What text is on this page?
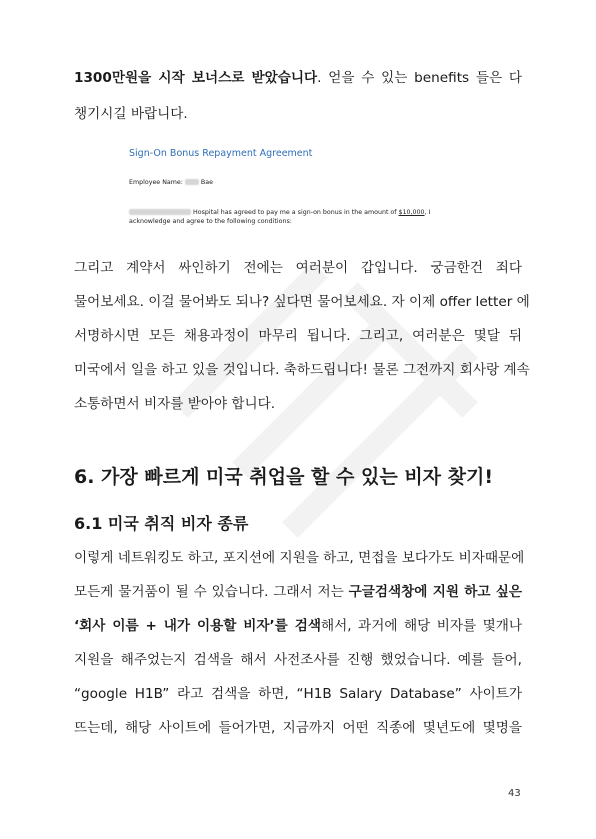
1300만원을 시작 보너스로 받았습니다. 얻을 수 있는 benefits 들은 다
챙기시길 바랍니다.
Sign-On Bonus Repayment Agreement
Employee Name:	Bae
Hospital has agreed to pay me a sign-on bonus in the amount of $10,000, I
acknowledge and agree to the following conditions:
그리고 계약서 싸인하기 전에는 여러분이 갑입니다. 궁금한건 죄다
물어보세요. 이걸 물어봐도 되나? 싶다면 물어보세요. 자 이제 offer letter 에
서명하시면 모든 채용과정이 마무리 됩니다. 그리고, 여러분은 몇달 뒤
미국에서 일을 하고 있을 것입니다. 축하드립니다! 물론 그전까지 회사랑 계속
소통하면서 비자를 받아야 합니다.
6. 가장 빠르게 미국 취업을 할 수 있는 비자 찾기!
6.1 미국 취직 비자 종류
이렇게 네트워킹도 하고, 포지션에 지원을 하고, 면접을 보다가도 비자때문에
모든게 물거품이 될 수 있습니다. 그래서 저는 구글검색창에 지원 하고 싶은
‘회사 이름 + 내가 이용할 비자’를 검색해서, 과거에 해당 비자를 몇개나
지원을 해주었는지 검색을 해서 사전조사를 진행 했었습니다. 예를 들어,
“google H1B” 라고 검색을 하면, “H1B Salary Database” 사이트가
뜨는데, 해당 사이트에 들어가면, 지금까지 어떤 직종에 몇년도에 몇명을
43
